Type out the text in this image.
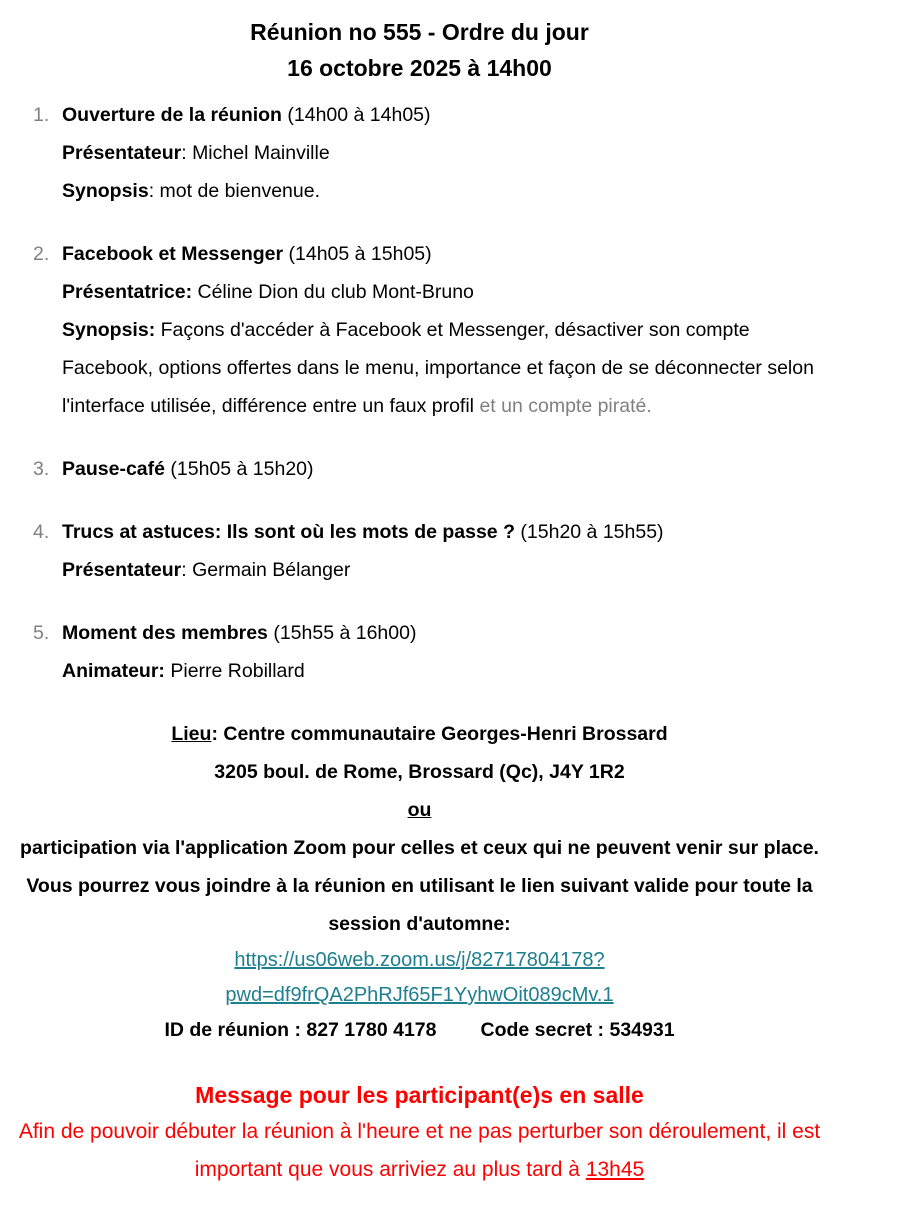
Réunion no 555 - Ordre du jour
16 octobre 2025 à 14h00
1. Ouverture de la réunion (14h00 à 14h05)
Présentateur: Michel Mainville
Synopsis: mot de bienvenue.
2. Facebook et Messenger (14h05 à 15h05)
Présentatrice: Céline Dion du club Mont-Bruno
Synopsis: Façons d'accéder à Facebook et Messenger, désactiver son compte Facebook, options offertes dans le menu, importance et façon de se déconnecter selon l'interface utilisée, différence entre un faux profil et un compte piraté.
3. Pause-café (15h05 à 15h20)
4. Trucs at astuces: Ils sont où les mots de passe ? (15h20 à 15h55)
Présentateur: Germain Bélanger
5. Moment des membres (15h55 à 16h00)
Animateur: Pierre Robillard
Lieu: Centre communautaire Georges-Henri Brossard
3205 boul. de Rome, Brossard (Qc), J4Y 1R2
ou

participation via l'application Zoom pour celles et ceux qui ne peuvent venir sur place. Vous pourrez vous joindre à la réunion en utilisant le lien suivant valide pour toute la session d'automne:

https://us06web.zoom.us/j/82717804178?
pwd=df9frQA2PhRJf65F1YyhwOit089cMv.1
ID de réunion : 827 1780 4178 Code secret : 534931
Message pour les participant(e)s en salle

Afin de pouvoir débuter la réunion à l'heure et ne pas perturber son déroulement, il est important que vous arriviez au plus tard à 13h45
